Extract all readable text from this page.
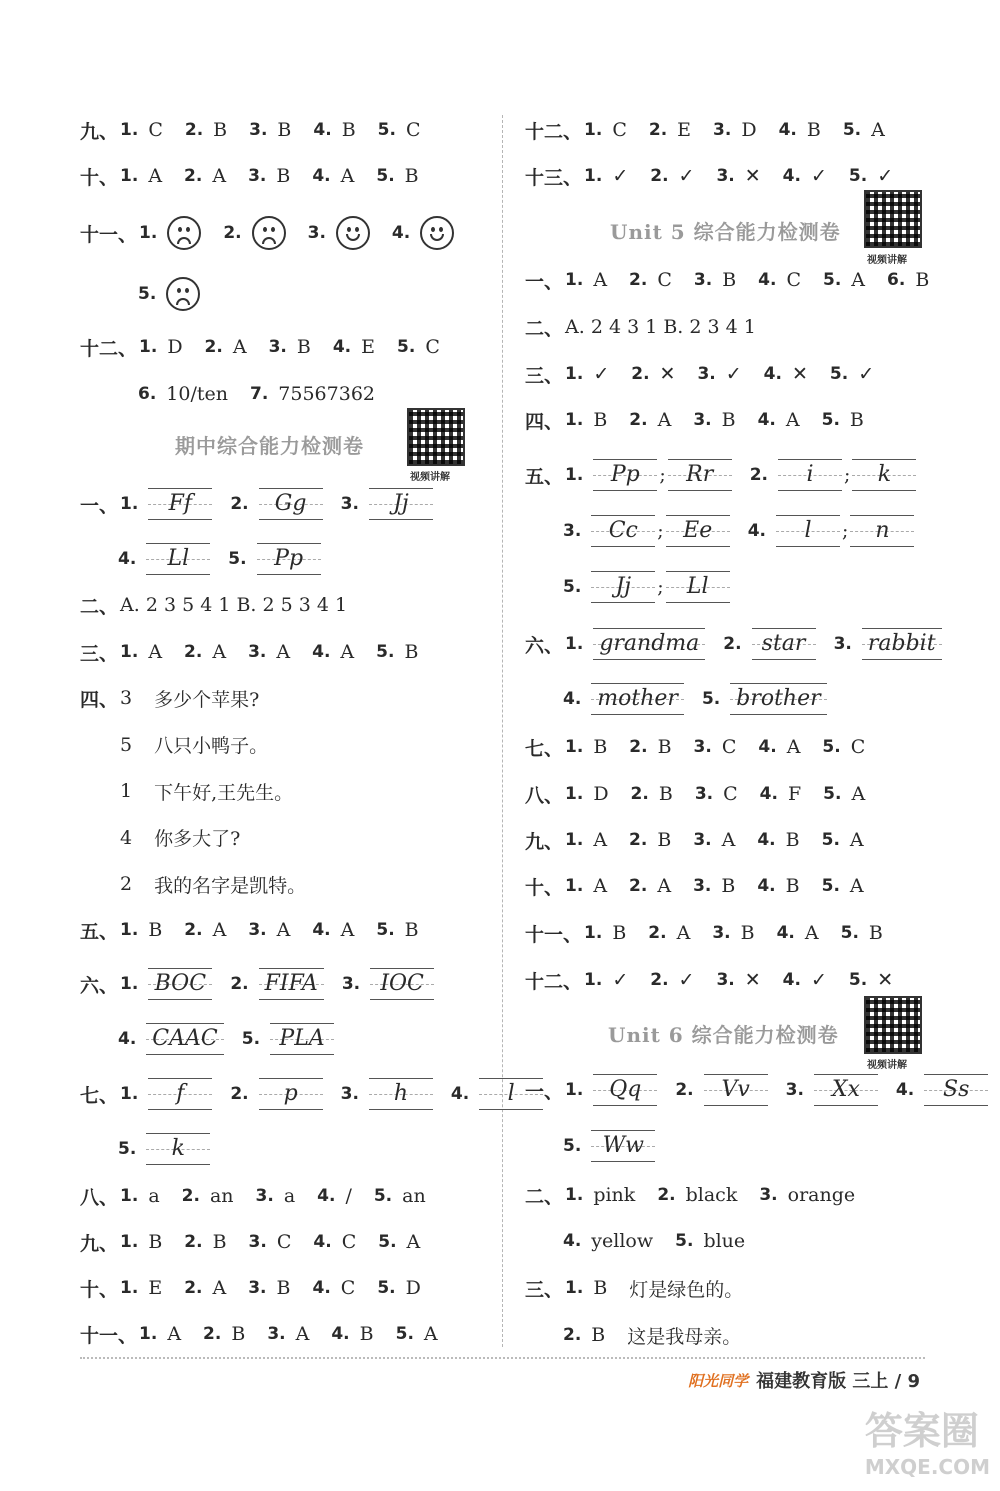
九、 1. C 2. B 3. B 4. B 5. C
十、 1. A 2. A 3. B 4. A 5. B
十一、 1.	2.	3.	4.
5.
十二、 1. D 2. A 3. B 4. E 5. C
6. 10/ten 7. 75567362
一、 1.	Ff	2.	Gg	3.	Jj
4.	Ll	5.	Pp
二、 A. 2 3 5 4 1 B. 2 5 3 4 1
三、 1. A 2. A 3. A 4. A 5. B
四、 3 多少个苹果?
5 八只小鸭子。
1 下午好,王先生。
4 你多大了?
2 我的名字是凯特。
五、 1. B 2. A 3. A 4. A 5. B
六、 1. BOC	2. FIFA	3. IOC
4. CAAC	5. PLA
七、 1.	f	2.	p	3.	h	4.	l
5.	k
八、 1. a 2. an 3. a 4. / 5. an
九、 1. B 2. B 3. C 4. C 5. A
十、 1. E 2. A 3. B 4. C 5. D
十一、 1. A 2. B 3. A 4. B 5. A
十二、 1. C 2. E 3. D 4. B 5. A
十三、 1. ✓ 2. ✓ 3. ✕ 4. ✓ 5. ✓
一、 1. A 2. C 3. B 4. C 5. A 6. B
二、 A. 2 4 3 1 B. 2 3 4 1
三、 1. ✓ 2. ✕ 3. ✓ 4. ✕ 5. ✓
四、 1. B 2. A 3. B 4. A 5. B
五、 1.	Pp	; Rr	2.	i	;	k
3.	Cc	; Ee	4.	l	;	n
5.	Jj	;	Ll
六、 1. grandma	2. star	3. rabbit
4. mother	5. brother
七、 1. B 2. B 3. C 4. A 5. C
八、 1. D 2. B 3. C 4. F 5. A
九、 1. A 2. B 3. A 4. B 5. A
十、 1. A 2. A 3. B 4. B 5. A
十一、 1. B 2. A 3. B 4. A 5. B
十二、 1. ✓ 2. ✓ 3. ✕ 4. ✓ 5. ✕
一、 1.	Qq	2.	Vv	3.	Xx	4.	Ss
5. Ww
二、 1. pink 2. black 3. orange
4. yellow 5. blue
三、 1. B 灯是绿色的。
2. B 这是我母亲。
期中综合能力检测卷
视频讲解
Unit 5 综合能力检测卷
视频讲解
Unit 6 综合能力检测卷
视频讲解
阳光同学 福建教育版 三上 / 9
答案圈
MXQE.COM
